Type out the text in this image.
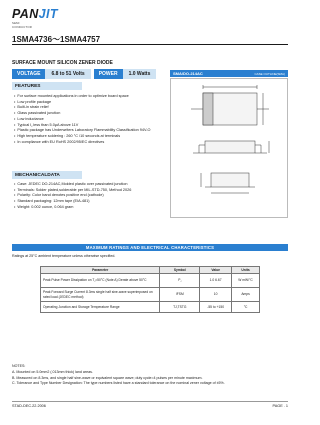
PANJIT
SEMI
CONDUCTOR
1SMA4736～1SMA4757
SURFACE MOUNT SILICON ZENER DIODE
VOLTAGE	6.8 to 51 Volts	POWER	1.0 Watts	SMA/DO-214AC	CASE OUTLINE(SMA)
FEATURES
• For surface mounted applications in order to optimize board space
• Low profile package
• Built-in strain relief
• Glass passivated junction
• Low inductance
• Typical I⁁ less than 5.0μA above 11V
• Plastic package has Underwriters Laboratory Flammability Classification 94V-O
• High temperature soldering : 260 °C /10 seconds at terminals
• In compliance with EU RoHS 2002/95/EC directives
MECHANICALDATA
• Case: JEDEC DO-214AC,Molded plastic over passivated junction
• Terminals: Solder plated,solderable per MIL-STD-750, Method 2026
• Polarity: Color band denotes positive end (cathode)
• Standard packaging: 12mm tape (EIA-481)
• Weight: 0.002 ounce, 0.064 gram
MAXIMUM RATINGS AND ELECTRICAL CHARACTERISTICS
Ratings at 25°C ambient temperature unless otherwise specified.
Parameter	Symbol	Value	Units
Peak Pulse Power Dissipation on T⁁=50°C (Note A) Derate above 50°C	P⁁	1.0 6.67	W mW/°C
Peak Forward Surge Current 8.3ms single half sine-wave superimposed on rated load (JEDEC method)	IFSM	10	Amps
Operating Junction and Storage Temperature Range	TJ,TSTG	-55 to +150	°C
NOTES:
A. Mounted on 5.0mm2 (.013mm thick) land areas.
B. Measured on 8.3ms, and single half sine-wave or equivalent square wave; duty cycle=4 pulses per minute maximum.
C. Tolerance and Type Number Designation: The type numbers listed have a standard tolerance on the nominal zener voltage of ±5%.
STAD-DEC.22.2006	PAGE . 1
